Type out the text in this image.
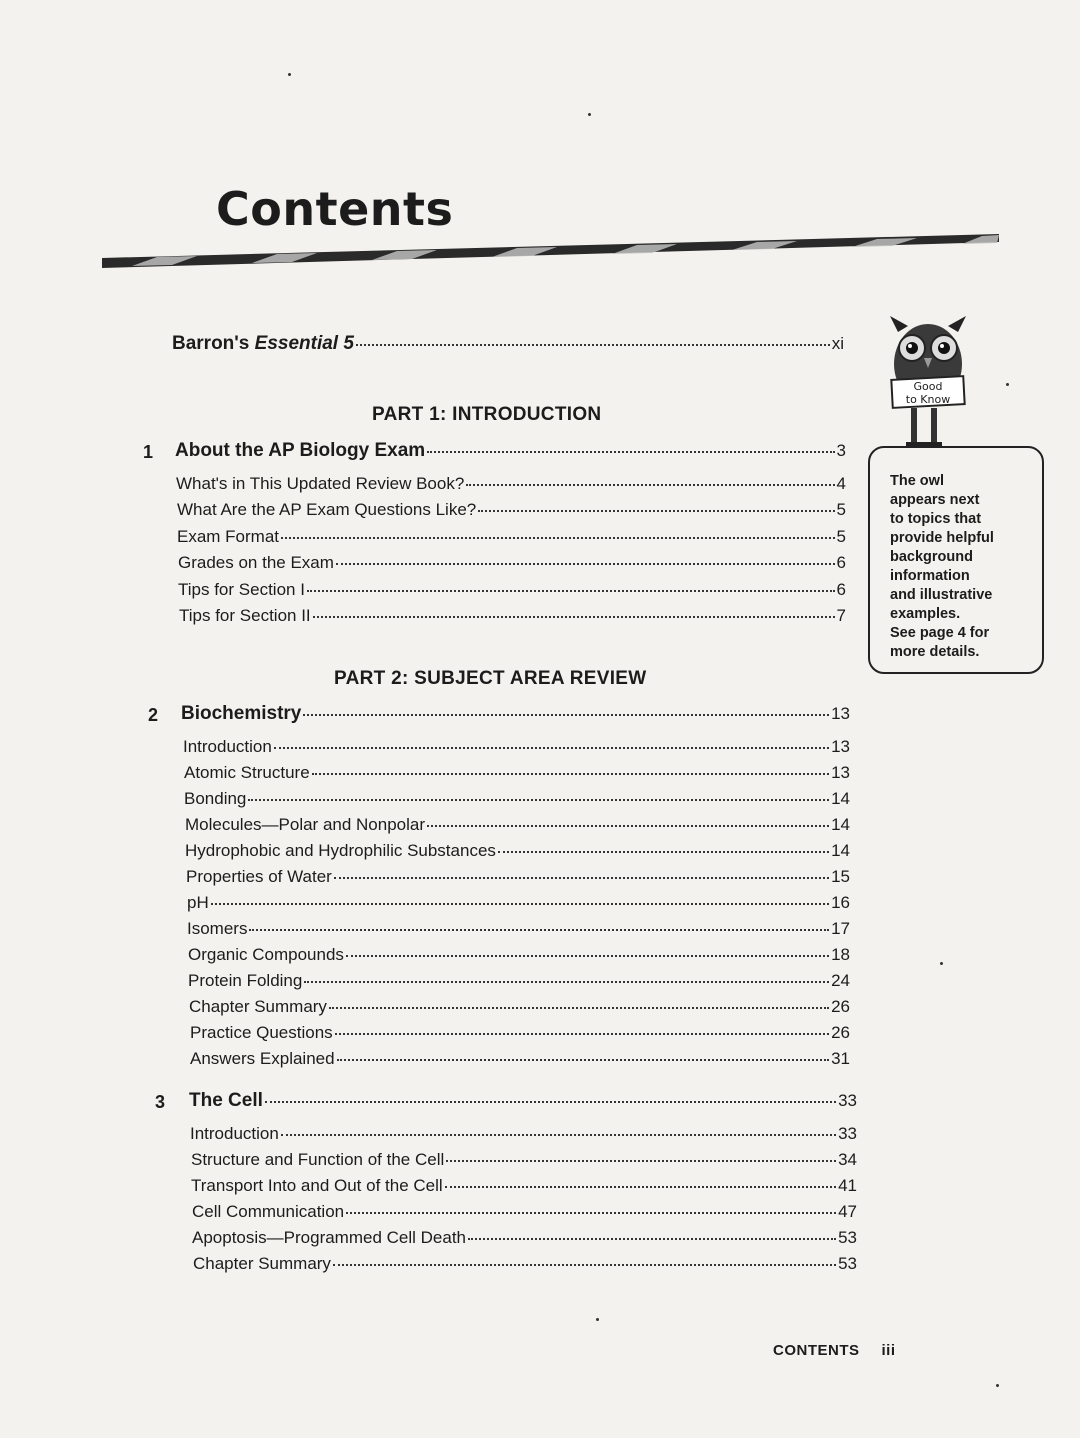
Contents
Barron's Essential 5	xi
PART 1: INTRODUCTION
PART 2: SUBJECT AREA REVIEW
1 About the AP Biology Exam	3
What's in This Updated Review Book?	4
What Are the AP Exam Questions Like?	5
Exam Format	5
Grades on the Exam	6
Tips for Section I	6
Tips for Section II	7
2 Biochemistry	13
Introduction	13
Atomic Structure	13
Bonding	14
Molecules—Polar and Nonpolar	14
Hydrophobic and Hydrophilic Substances	14
Properties of Water	15
pH	16
Isomers	17
Organic Compounds	18
Protein Folding	24
Chapter Summary	26
Practice Questions	26
Answers Explained	31
3 The Cell	33
Introduction	33
Structure and Function of the Cell	34
Transport Into and Out of the Cell	41
Cell Communication	47
Apoptosis—Programmed Cell Death	53
Chapter Summary	53
Good
to Know
The owl
appears next
to topics that
provide helpful
background
information
and illustrative
examples.
See page 4 for
more details.
CONTENTS iii
